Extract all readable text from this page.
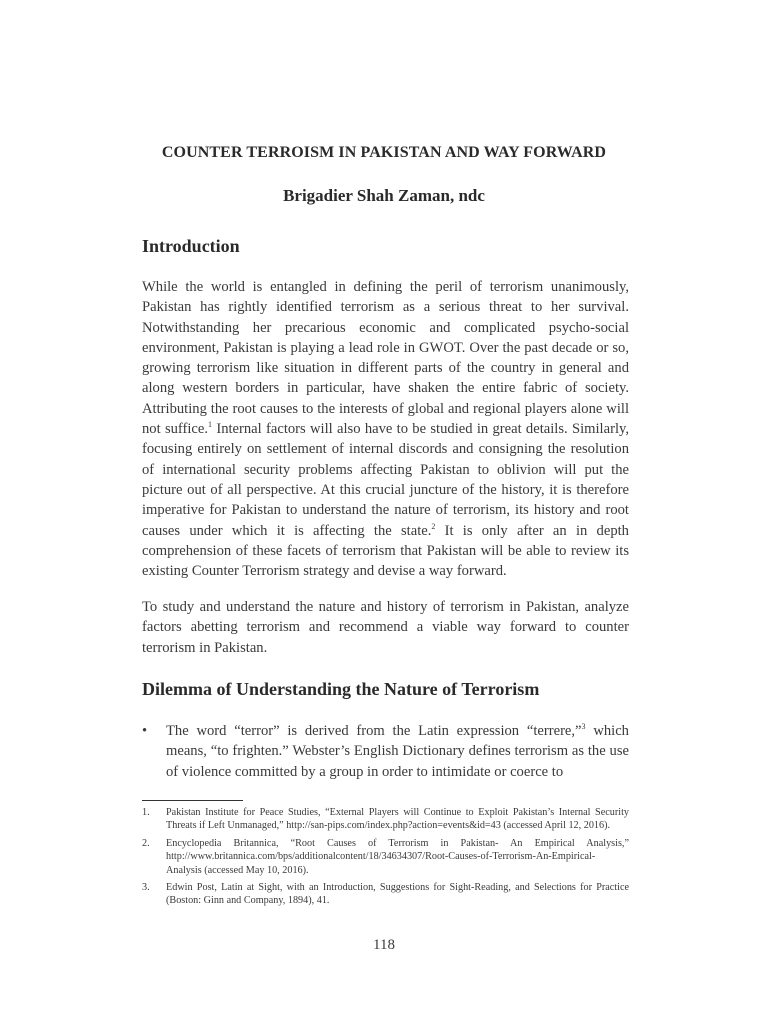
COUNTER TERROISM IN PAKISTAN AND WAY FORWARD
Brigadier Shah Zaman, ndc
Introduction
While the world is entangled in defining the peril of terrorism unanimously, Pakistan has rightly identified terrorism as a serious threat to her survival. Notwithstanding her precarious economic and complicated psycho-social environment, Pakistan is playing a lead role in GWOT. Over the past decade or so, growing terrorism like situation in different parts of the country in general and along western borders in particular, have shaken the entire fabric of society. Attributing the root causes to the interests of global and regional players alone will not suffice.$^1$ Internal factors will also have to be studied in great details. Similarly, focusing entirely on settlement of internal discords and consigning the resolution of international security problems affecting Pakistan to oblivion will put the picture out of all perspective. At this crucial juncture of the history, it is therefore imperative for Pakistan to understand the nature of terrorism, its history and root causes under which it is affecting the state.$^2$ It is only after an in depth comprehension of these facets of terrorism that Pakistan will be able to review its existing Counter Terrorism strategy and devise a way forward.
To study and understand the nature and history of terrorism in Pakistan, analyze factors abetting terrorism and recommend a viable way forward to counter terrorism in Pakistan.
Dilemma of Understanding the Nature of Terrorism
• The word “terror” is derived from the Latin expression “terrere,”$^3$ which means, “to frighten.” Webster’s English Dictionary defines terrorism as the use of violence committed by a group in order to intimidate or coerce to
1.	Pakistan Institute for Peace Studies, “External Players will Continue to Exploit Pakistan’s Internal Security Threats if Left Unmanaged,” http://san-pips.com/index.php?action=events&id=43 (accessed April 12, 2016).
2.	Encyclopedia Britannica, “Root Causes of Terrorism in Pakistan- An Empirical Analysis,” http://www.britannica.com/bps/additionalcontent/18/34634307/Root-Causes-of-Terrorism-An-Empirical-Analysis (accessed May 10, 2016).
3.	Edwin Post, Latin at Sight, with an Introduction, Suggestions for Sight-Reading, and Selections for Practice (Boston: Ginn and Company, 1894), 41.
118
